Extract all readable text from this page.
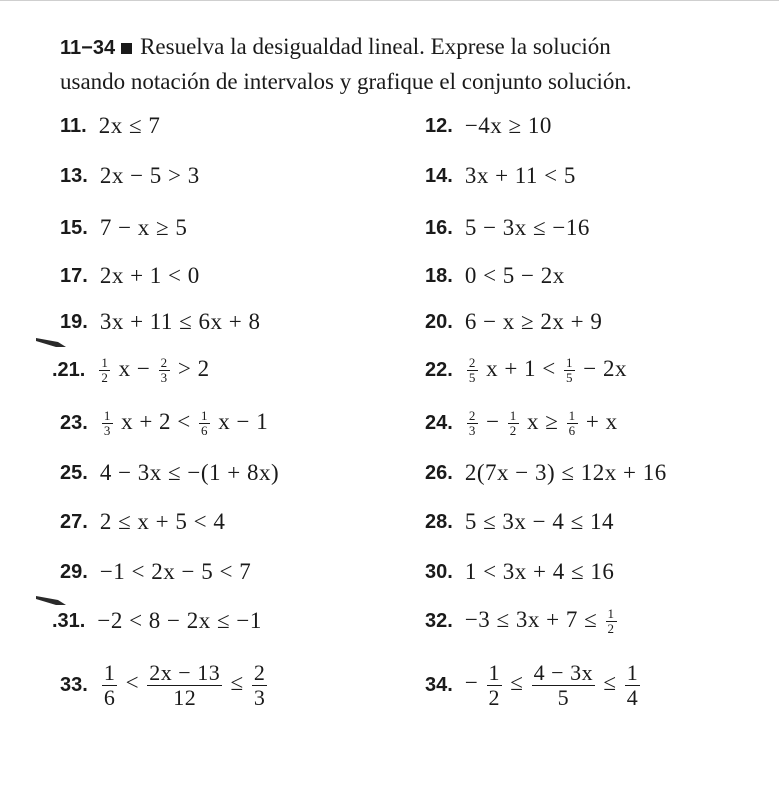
11−34 Resuelva la desigualdad lineal. Exprese la solución
usando notación de intervalos y grafique el conjunto solución.
11. 2x ≤ 7	12. −4x ≥ 10
13. 2x − 5 > 3	14. 3x + 11 < 5
15. 7 − x ≥ 5	16. 5 − 3x ≤ −16
17. 2x + 1 < 0	18. 0 < 5 − 2x
19. 3x + 11 ≤ 6x + 8	20. 6 − x ≥ 2x + 9
.21. $\frac{1}{2}$ $x - \frac{2}{3} > 2$	22. $\frac{2}{5}$ $x + 1 < \frac{1}{5} - 2x$
23. $\frac{1}{3}$ $x + 2 < \frac{1}{6}$ x − 1	24. $\frac{2}{3} - \frac{1}{2}$ $x \ge \frac{1}{6} + x$
25. 4 − 3x ≤ −(1 + 8x)	26. 2(7x − 3) ≤ 12x + 16
27. 2 ≤ x + 5 < 4	28. 5 ≤ 3x − 4 ≤ 14
29. −1 < 2x − 5 < 7	30. 1 < 3x + 4 ≤ 16
.31. −2 < 8 − 2x ≤ −1	32. $-3 \le 3x + 7 \le \frac{1}{2}$
33. $\frac{1}{6} < \frac{2x - 13}{12} \le \frac{2}{3}$	34. − $\frac{1}{2} \le \frac{4 - 3x}{5} \le \frac{1}{4}$
